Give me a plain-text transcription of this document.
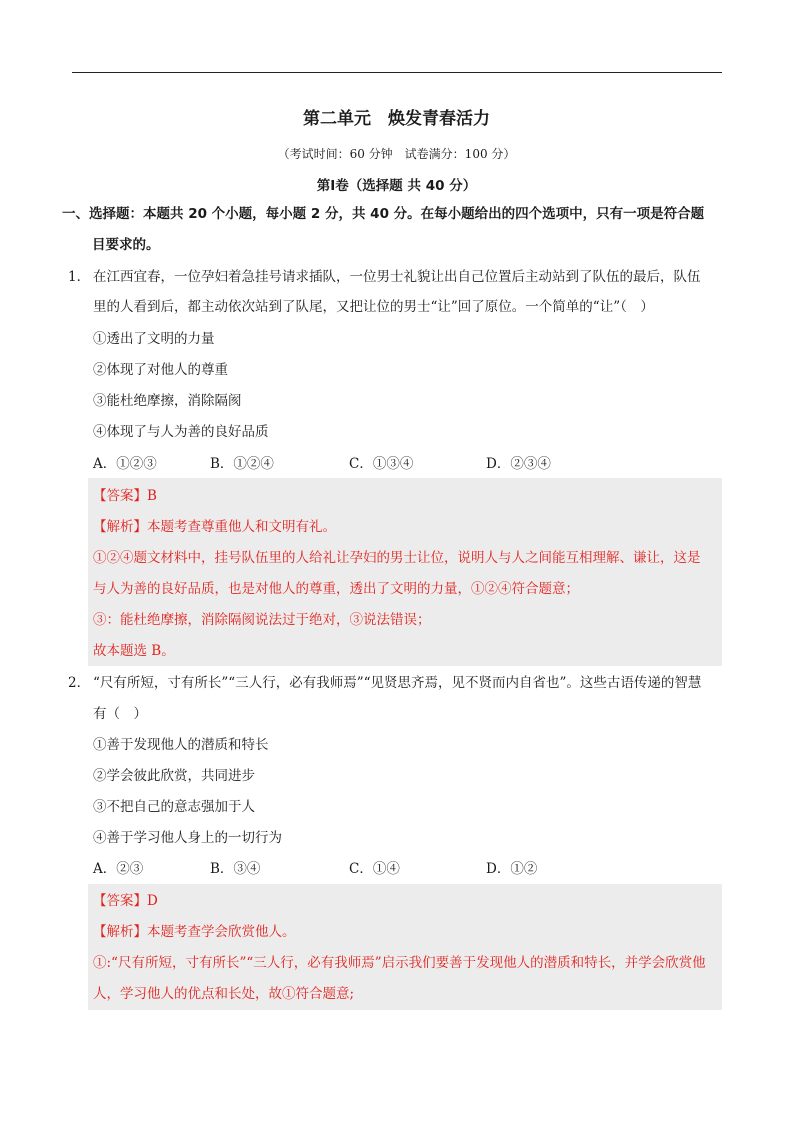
第二单元　焕发青春活力
（考试时间：60 分钟　试卷满分：100 分）
第Ⅰ卷（选择题 共 40 分）
一、选择题：本题共 20 个小题，每小题 2 分，共 40 分。在每小题给出的四个选项中，只有一项是符合题
目要求的。
1． 在江西宜春，一位孕妇着急挂号请求插队，一位男士礼貌让出自己位置后主动站到了队伍的最后，队伍
里的人看到后，都主动依次站到了队尾，又把让位的男士“让”回了原位。一个简单的“让”（　）
①透出了文明的力量
②体现了对他人的尊重
③能杜绝摩擦，消除隔阂
④体现了与人为善的良好品质
A．①②③	B．①②④	C．①③④	D．②③④
【答案】B
【解析】本题考查尊重他人和文明有礼。
①②④题文材料中，挂号队伍里的人给礼让孕妇的男士让位，说明人与人之间能互相理解、谦让，这是
与人为善的良好品质，也是对他人的尊重，透出了文明的力量，①②④符合题意；
③：能杜绝摩擦，消除隔阂说法过于绝对，③说法错误；
故本题选 B。
2． “尺有所短，寸有所长”“三人行，必有我师焉”“见贤思齐焉，见不贤而内自省也”。这些古语传递的智慧
有（　）
①善于发现他人的潜质和特长
②学会彼此欣赏，共同进步
③不把自己的意志强加于人
④善于学习他人身上的一切行为
A．②③	B．③④	C．①④	D．①②
【答案】D
【解析】本题考查学会欣赏他人。
①:“尺有所短，寸有所长”“三人行，必有我师焉”启示我们要善于发现他人的潜质和特长，并学会欣赏他
人，学习他人的优点和长处，故①符合题意;
